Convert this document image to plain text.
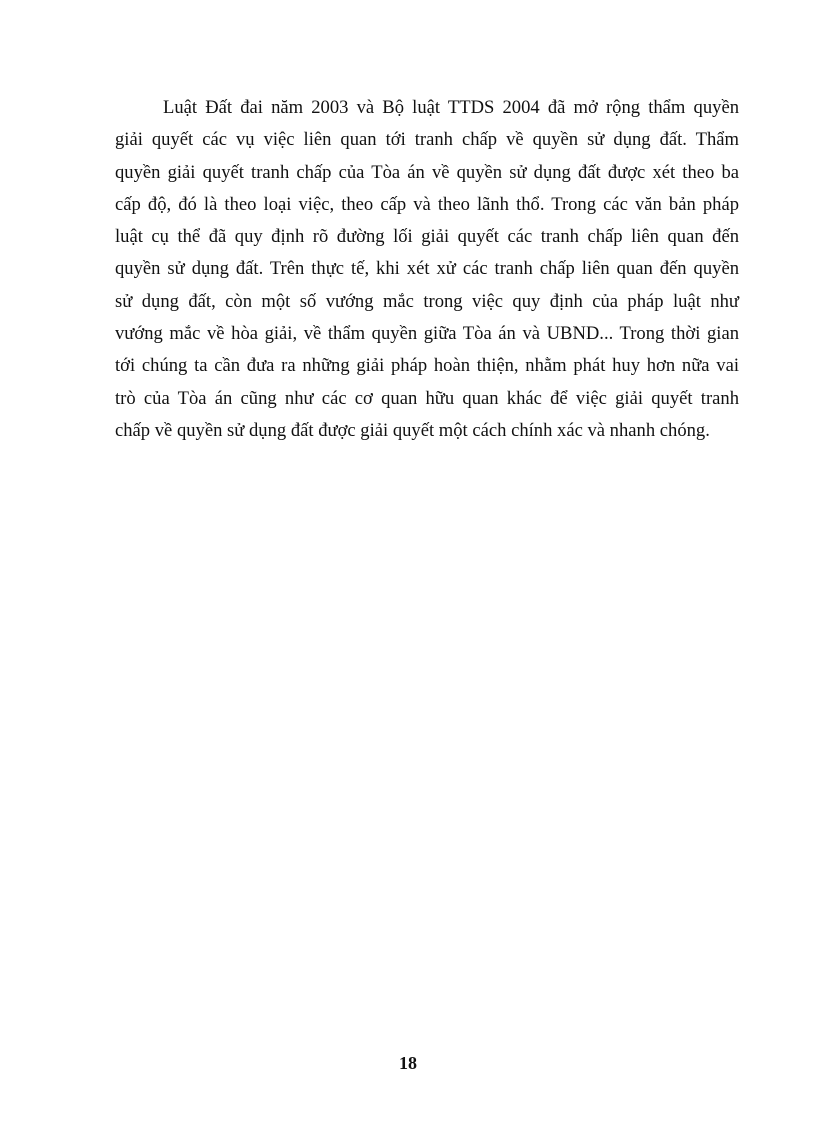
Luật Đất đai năm 2003 và Bộ luật TTDS 2004 đã mở rộng thẩm quyền
giải quyết các vụ việc liên quan tới tranh chấp về quyền sử dụng đất. Thẩm
quyền giải quyết tranh chấp của Tòa án về quyền sử dụng đất được xét theo ba
cấp độ, đó là theo loại việc, theo cấp và theo lãnh thổ. Trong các văn bản pháp
luật cụ thể đã quy định rõ đường lối giải quyết các tranh chấp liên quan đến
quyền sử dụng đất. Trên thực tế, khi xét xử các tranh chấp liên quan đến quyền
sử dụng đất, còn một số vướng mắc trong việc quy định của pháp luật như
vướng mắc về hòa giải, về thẩm quyền giữa Tòa án và UBND... Trong thời gian
tới chúng ta cần đưa ra những giải pháp hoàn thiện, nhằm phát huy hơn nữa vai
trò của Tòa án cũng như các cơ quan hữu quan khác để việc giải quyết tranh
chấp về quyền sử dụng đất được giải quyết một cách chính xác và nhanh chóng.

18
